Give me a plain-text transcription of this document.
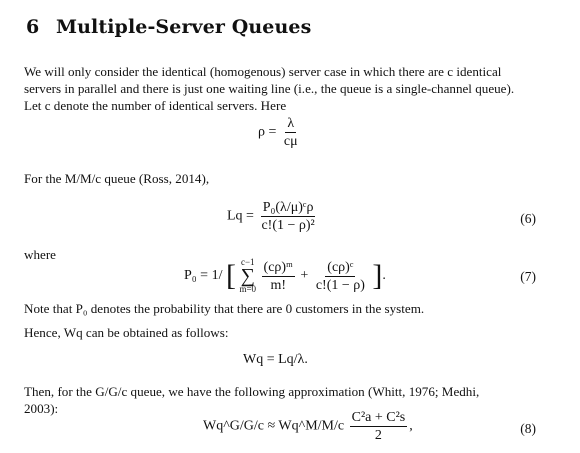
6 Multiple-Server Queues
We will only consider the identical (homogenous) server case in which there are c identical
servers in parallel and there is just one waiting line (i.e., the queue is a single-channel queue).
Let c denote the number of identical servers. Here
$\rho = \frac{\lambda}{c\mu}$
For the M/M/c queue (Ross, 2014),
$Lq = \frac{\text{P₀(λ/μ)ᶜρ}}{\text{c!(1 − ρ)²}}$	(6)
where
P₀ = 1/ [ c−1
∑
m=0
$\frac{\text{(cρ)ᵐ}}{m!} + \frac{\text{(cρ)ᶜ}}{c!(1 - \rho)}$ ].	(7)
Note that P₀ denotes the probability that there are 0 customers in the system.
Hence, Wq can be obtained as follows:
Wq = Lq/λ.
Then, for the G/G/c queue, we have the following approximation (Whitt, 1976; Medhi,
2003):
Wq^G/G/c ≈ Wq^M/M/c $\frac{\text{C²a + C²s}}{2}$ ,	(8)
